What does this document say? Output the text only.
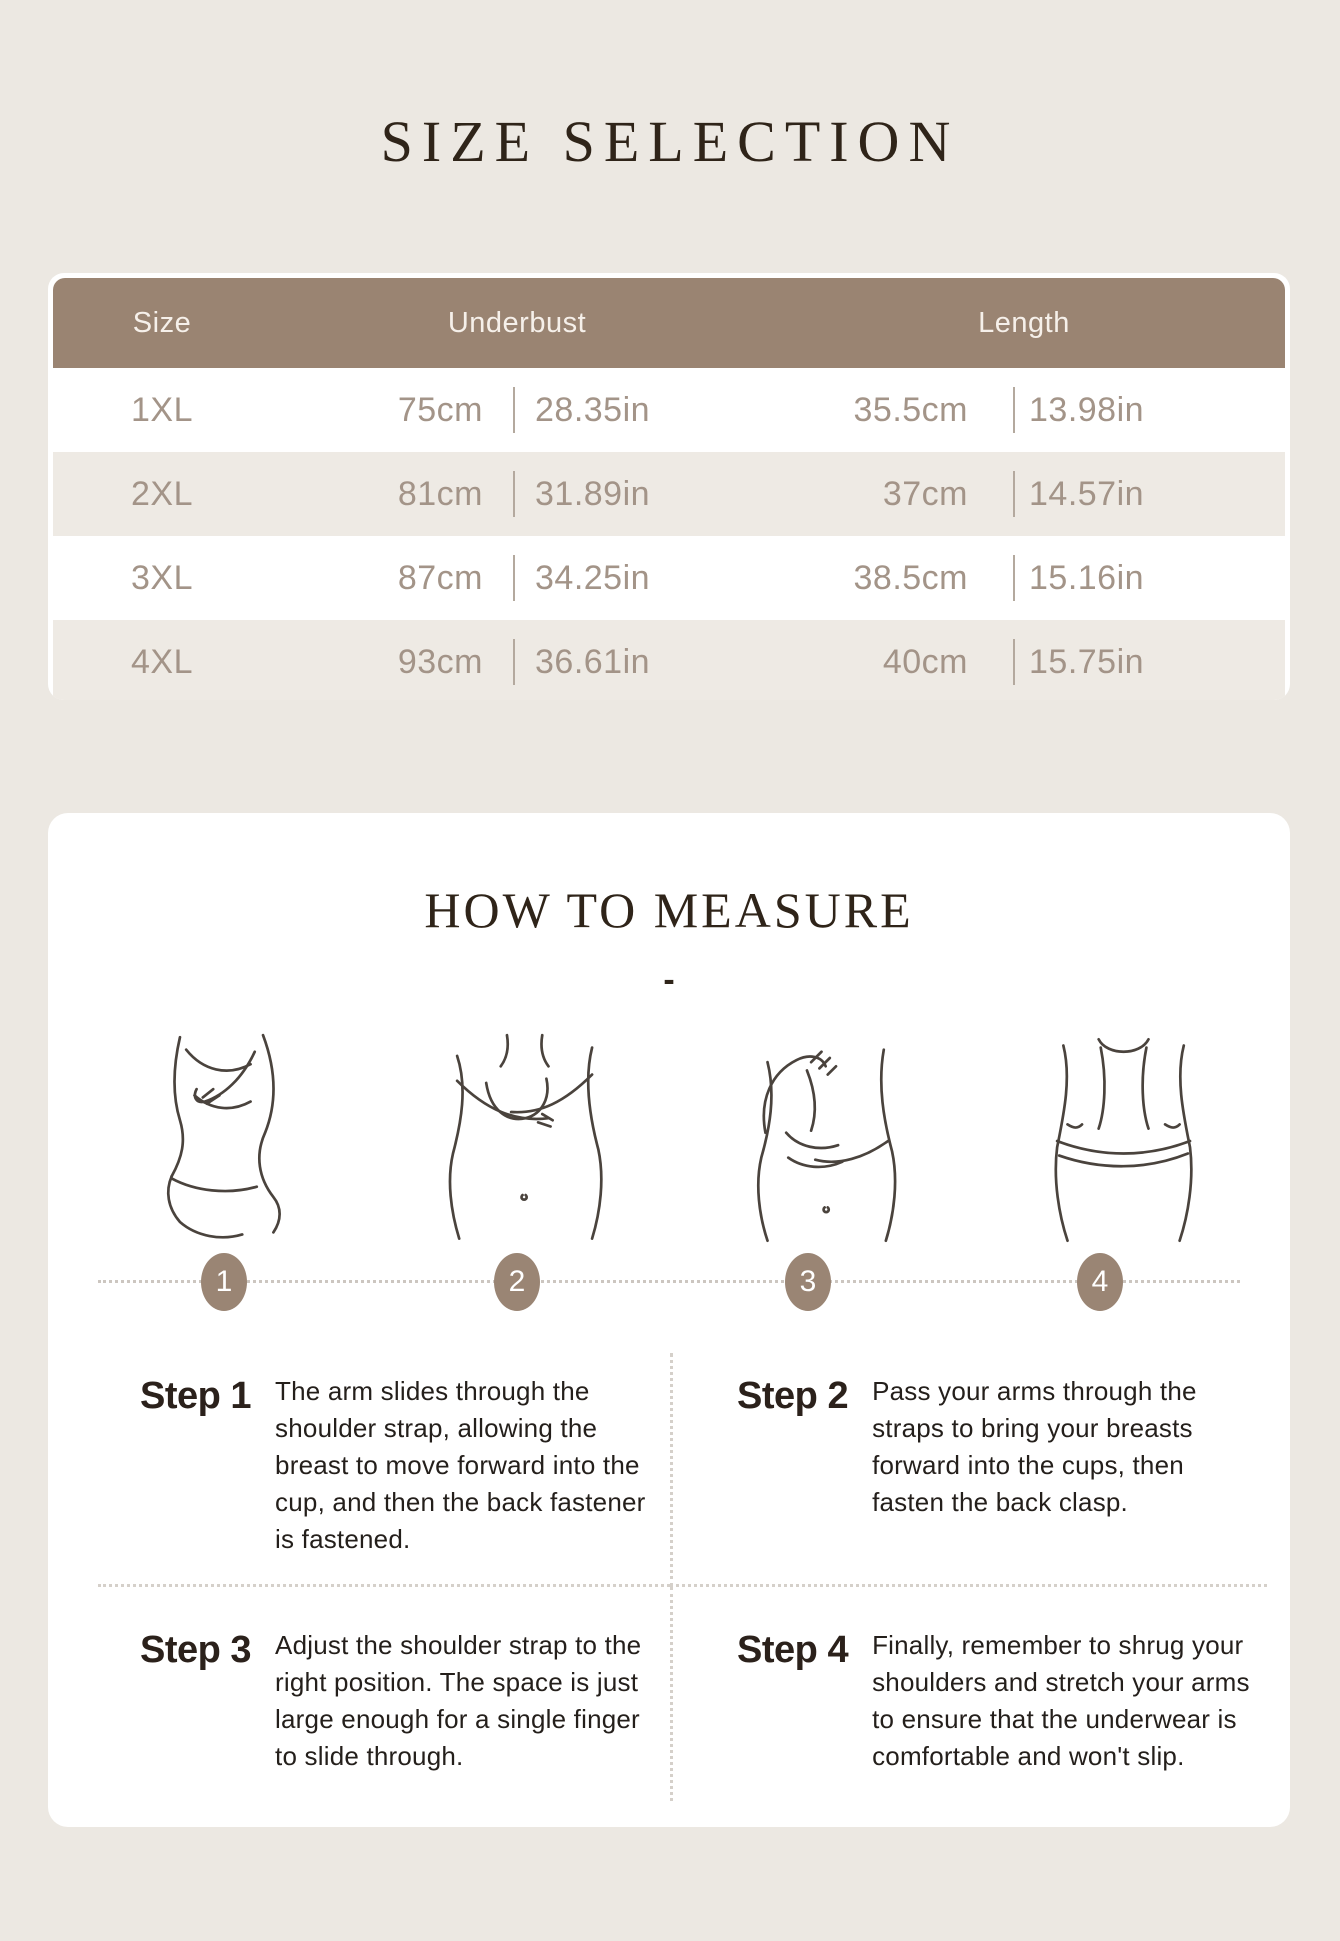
SIZE SELECTION
Size	Underbust	Length
1XL	75cm	28.35in	35.5cm	13.98in
2XL	81cm	31.89in	37cm	14.57in
3XL	87cm	34.25in	38.5cm	15.16in
4XL	93cm	36.61in	40cm	15.75in
HOW TO MEASURE
-
1	2	3	4
Step 1 The arm slides through the shoulder strap, allowing the breast to move forward into the cup, and then the back fastener is fastened.
Step 2 Pass your arms through the straps to bring your breasts forward into the cups, then fasten the back clasp.
Step 3 Adjust the shoulder strap to the right position. The space is just large enough for a single finger to slide through.
Step 4 Finally, remember to shrug your shoulders and stretch your arms to ensure that the underwear is comfortable and won't slip.
